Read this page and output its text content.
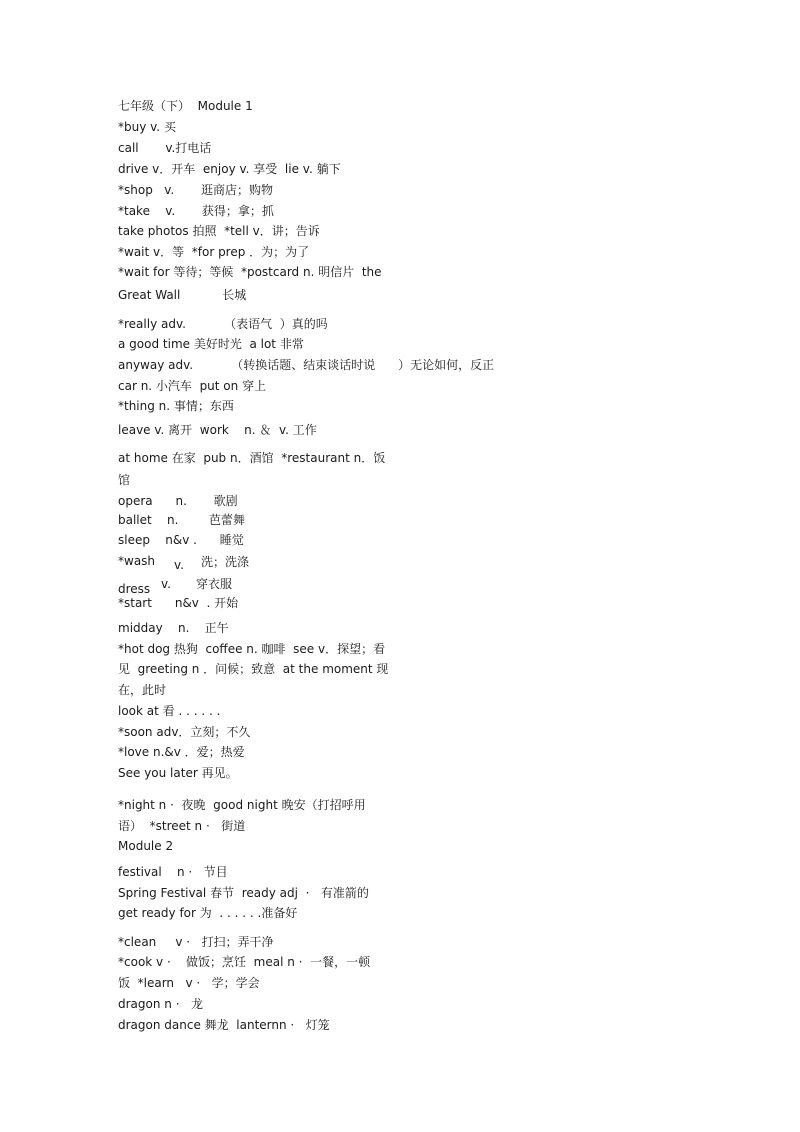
七年级（下）  Module 1
*buy v. 买
call       v.打电话
drive v．开车  enjoy v. 享受  lie v. 躺下
*shop   v.       逛商店；购物
*take    v.       获得；拿；抓
take photos 拍照  *tell v．讲；告诉
*wait v．等  *for prep ．为；为了
*wait for 等待；等候  *postcard n. 明信片  the
Great Wall           长城
*really adv.          （表语气  ）真的吗
a good time 美好时光  a lot 非常
anyway adv.          （转换话题、结束谈话时说      ）无论如何，反正
car n. 小汽车  put on 穿上
*thing n. 事情；东西
leave v. 离开  work    n. ＆  v. 工作
at home 在家  pub n．酒馆  *restaurant n．饭
馆
opera      n.       歌剧
ballet    n.        芭蕾舞
sleep    n&v .      睡觉
*wash v. 洗；洗涤
dress v. 穿衣服
*start      n&v  . 开始
midday    n.    正午
*hot dog 热狗  coffee n. 咖啡  see v．探望；看
见  greeting n ．问候；致意  at the moment 现
在，此时
look at 看 . . . . . .
*soon adv．立刻；不久
*love n.&v ．爱；热爱
See you later 再见。
*night n ·  夜晚  good night 晚安（打招呼用
语）  *street n ·   街道
Module 2
festival    n ·   节目
Spring Festival 春节  ready adj  ·   有准箭的
get ready for 为  . . . . . .准备好
*clean     v ·   打扫；弄干净
*cook v ·    做饭；烹饪  meal n ·  一餐，一顿
饭  *learn   v ·   学；学会
dragon n ·   龙
dragon dance 舞龙  lanternn ·   灯笼
